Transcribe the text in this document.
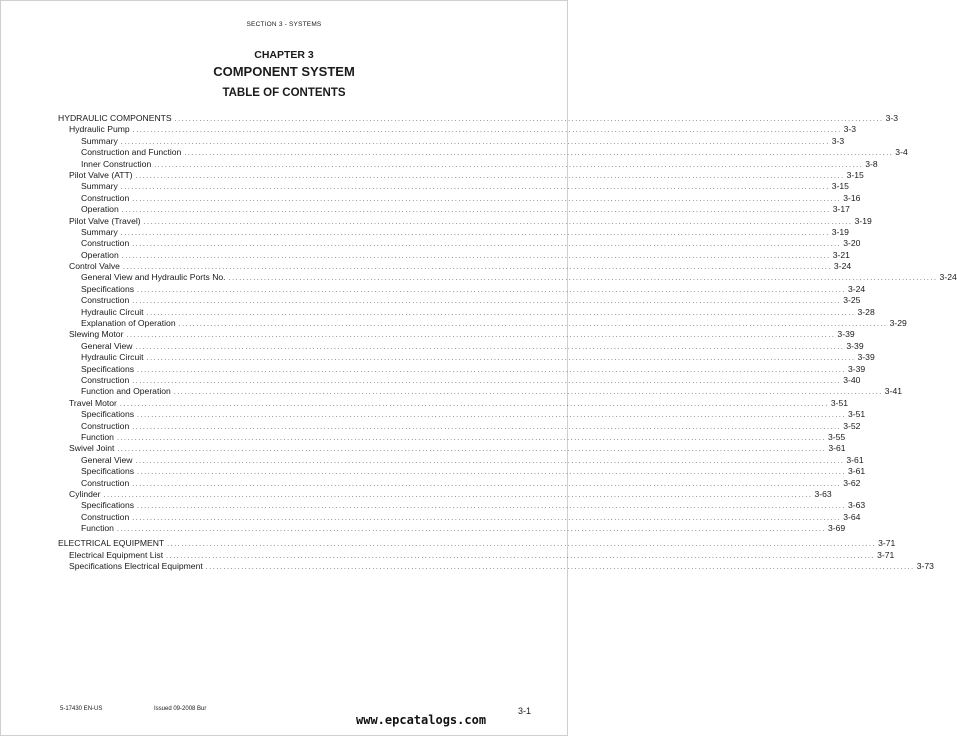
SECTION 3 - SYSTEMS
CHAPTER 3
COMPONENT SYSTEM
TABLE OF CONTENTS
HYDRAULIC COMPONENTS ........................................................................................................................................................................................................ 3-3
Hydraulic Pump ........................................................................................................................................................................................................ 3-3
Summary ........................................................................................................................................................................................................ 3-3
Construction and Function ........................................................................................................................................................................................................ 3-4
Inner Construction ........................................................................................................................................................................................................ 3-8
Pilot Valve (ATT) ........................................................................................................................................................................................................ 3-15
Summary ........................................................................................................................................................................................................ 3-15
Construction ........................................................................................................................................................................................................ 3-16
Operation ........................................................................................................................................................................................................ 3-17
Pilot Valve (Travel) ........................................................................................................................................................................................................ 3-19
Summary ........................................................................................................................................................................................................ 3-19
Construction ........................................................................................................................................................................................................ 3-20
Operation ........................................................................................................................................................................................................ 3-21
Control Valve ........................................................................................................................................................................................................ 3-24
General View and Hydraulic Ports No. ........................................................................................................................................................................................................ 3-24
Specifications ........................................................................................................................................................................................................ 3-24
Construction ........................................................................................................................................................................................................ 3-25
Hydraulic Circuit ........................................................................................................................................................................................................ 3-28
Explanation of Operation ........................................................................................................................................................................................................ 3-29
Slewing Motor ........................................................................................................................................................................................................ 3-39
General View ........................................................................................................................................................................................................ 3-39
Hydraulic Circuit ........................................................................................................................................................................................................ 3-39
Specifications ........................................................................................................................................................................................................ 3-39
Construction ........................................................................................................................................................................................................ 3-40
Function and Operation ........................................................................................................................................................................................................ 3-41
Travel Motor ........................................................................................................................................................................................................ 3-51
Specifications ........................................................................................................................................................................................................ 3-51
Construction ........................................................................................................................................................................................................ 3-52
Function ........................................................................................................................................................................................................ 3-55
Swivel Joint ........................................................................................................................................................................................................ 3-61
General View ........................................................................................................................................................................................................ 3-61
Specifications ........................................................................................................................................................................................................ 3-61
Construction ........................................................................................................................................................................................................ 3-62
Cylinder ........................................................................................................................................................................................................ 3-63
Specifications ........................................................................................................................................................................................................ 3-63
Construction ........................................................................................................................................................................................................ 3-64
Function ........................................................................................................................................................................................................ 3-69
ELECTRICAL EQUIPMENT ........................................................................................................................................................................................................ 3-71
Electrical Equipment List ........................................................................................................................................................................................................ 3-71
Specifications Electrical Equipment ........................................................................................................................................................................................................ 3-73
5-17430 EN-US	Issued 09-2008 Bur	3-1
www.epcatalogs.com
